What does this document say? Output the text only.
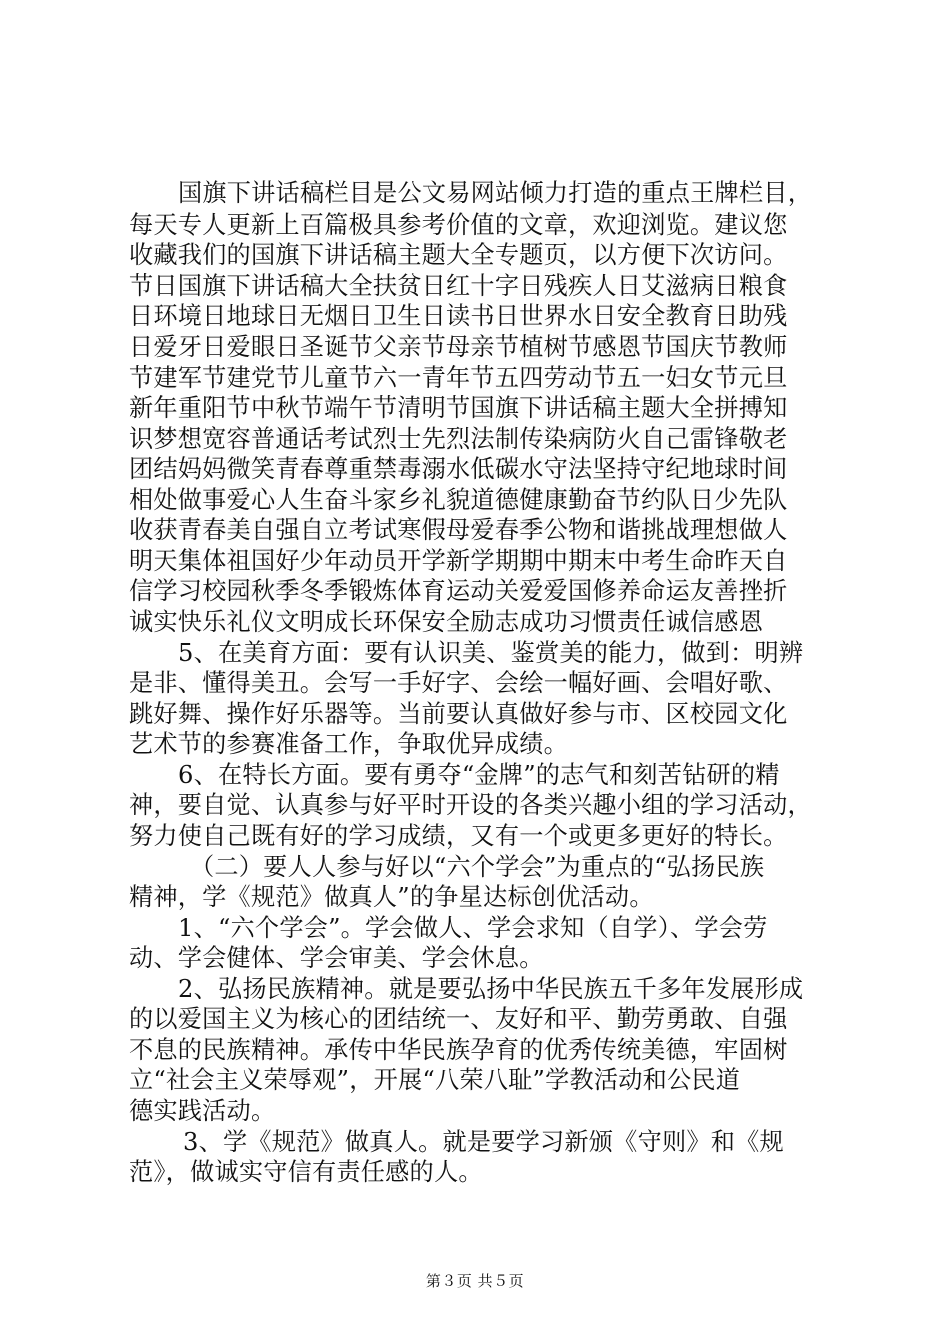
国旗下讲话稿栏目是公文易网站倾力打造的重点王牌栏目，
每天专人更新上百篇极具参考价值的文章，欢迎浏览。建议您
收藏我们的国旗下讲话稿主题大全专题页，以方便下次访问。
节日国旗下讲话稿大全扶贫日红十字日残疾人日艾滋病日粮食
日环境日地球日无烟日卫生日读书日世界水日安全教育日助残
日爱牙日爱眼日圣诞节父亲节母亲节植树节感恩节国庆节教师
节建军节建党节儿童节六一青年节五四劳动节五一妇女节元旦
新年重阳节中秋节端午节清明节国旗下讲话稿主题大全拼搏知
识梦想宽容普通话考试烈士先烈法制传染病防火自己雷锋敬老
团结妈妈微笑青春尊重禁毒溺水低碳水守法坚持守纪地球时间
相处做事爱心人生奋斗家乡礼貌道德健康勤奋节约队日少先队
收获青春美自强自立考试寒假母爱春季公物和谐挑战理想做人
明天集体祖国好少年动员开学新学期期中期末中考生命昨天自
信学习校园秋季冬季锻炼体育运动关爱爱国修养命运友善挫折
诚实快乐礼仪文明成长环保安全励志成功习惯责任诚信感恩
5、在美育方面：要有认识美、鉴赏美的能力，做到：明辨
是非、懂得美丑。会写一手好字、会绘一幅好画、会唱好歌、
跳好舞、操作好乐器等。当前要认真做好参与市、区校园文化
艺术节的参赛准备工作，争取优异成绩。
6、在特长方面。要有勇夺“金牌”的志气和刻苦钻研的精
神，要自觉、认真参与好平时开设的各类兴趣小组的学习活动，
努力使自己既有好的学习成绩，又有一个或更多更好的特长。
（二）要人人参与好以“六个学会”为重点的“弘扬民族
精神，学《规范》做真人”的争星达标创优活动。
1、“六个学会”。学会做人、学会求知（自学）、学会劳
动、学会健体、学会审美、学会休息。
2、弘扬民族精神。就是要弘扬中华民族五千多年发展形成
的以爱国主义为核心的团结统一、友好和平、勤劳勇敢、自强
不息的民族精神。承传中华民族孕育的优秀传统美德，牢固树
立“社会主义荣辱观”，开展“八荣八耻”学教活动和公民道
德实践活动。
3、学《规范》做真人。就是要学习新颁《守则》和《规
范》，做诚实守信有责任感的人。
第３页 共５页
